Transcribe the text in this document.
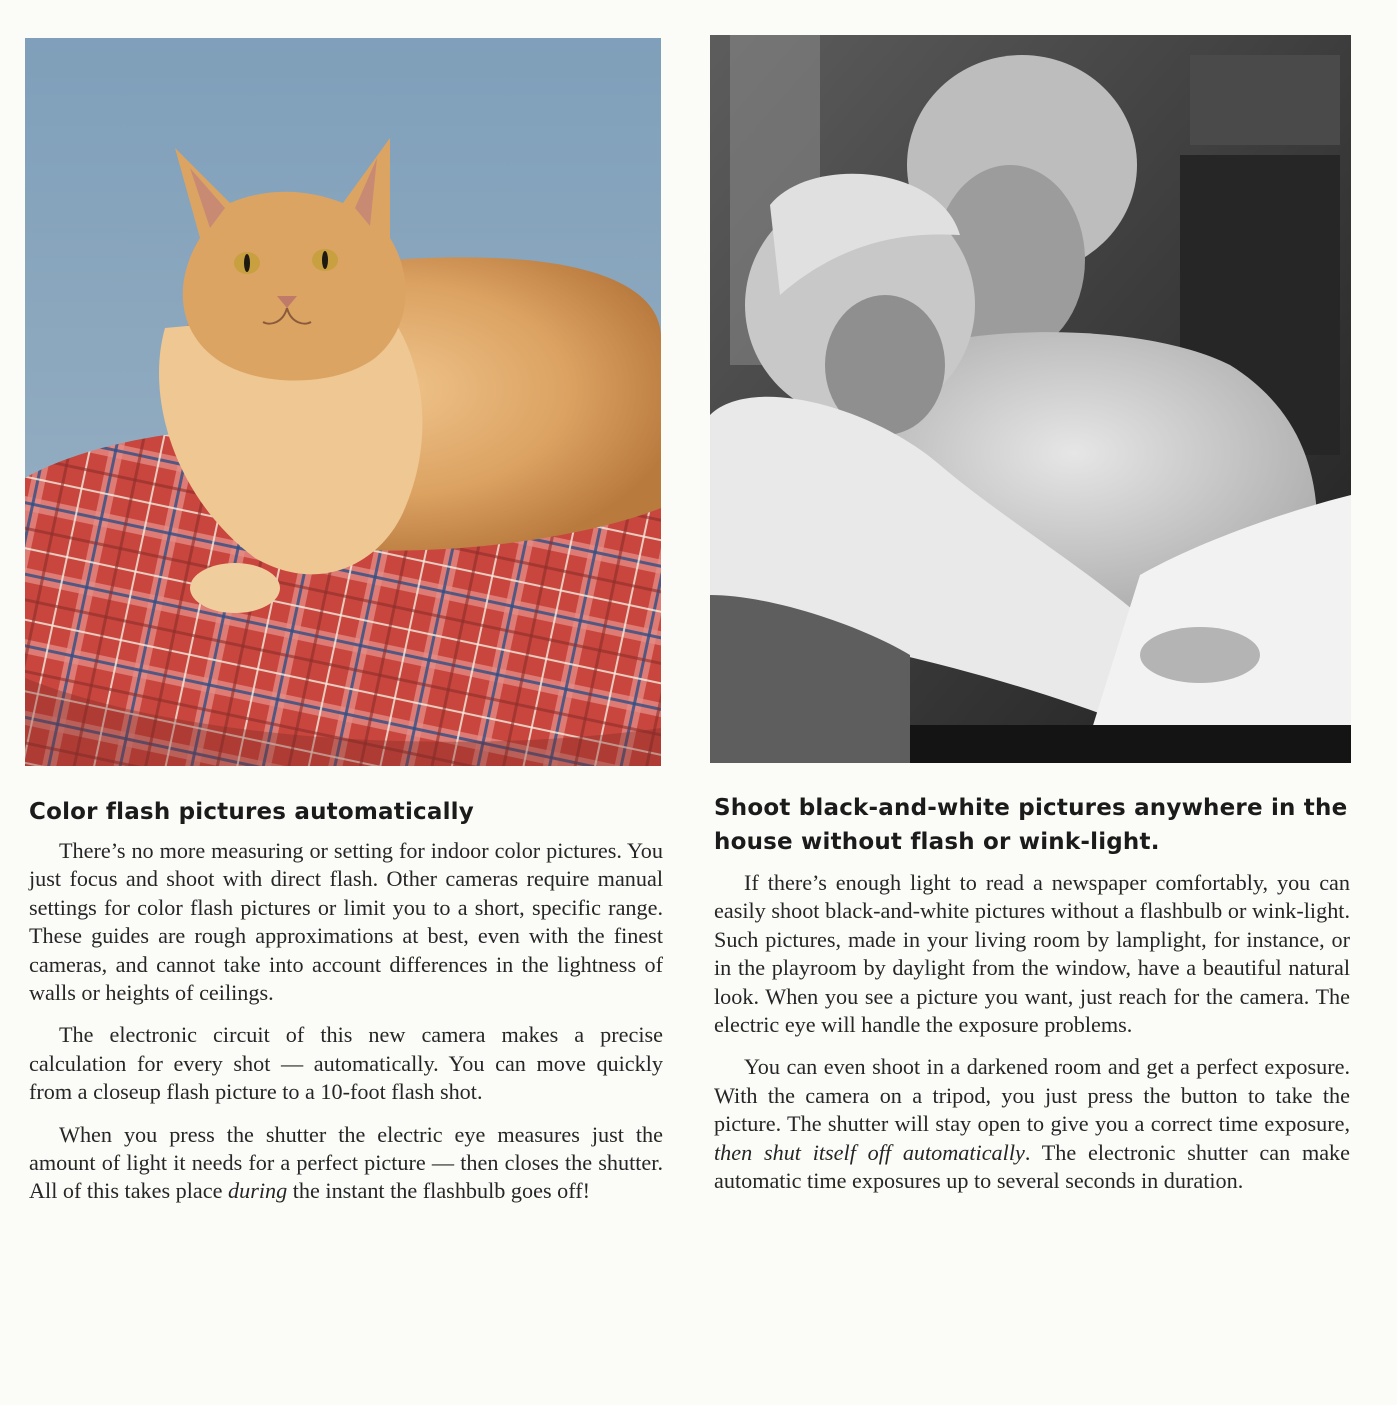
Color flash pictures automatically

There’s no more measuring or setting for indoor color pictures. You just focus and shoot with direct flash. Other cameras require manual settings for color flash pictures or limit you to a short, specific range. These guides are rough approximations at best, even with the finest cameras, and cannot take into account differences in the lightness of walls or heights of ceilings.

The electronic circuit of this new camera makes a precise calculation for every shot — automatically. You can move quickly from a closeup flash picture to a 10-foot flash shot.

When you press the shutter the electric eye measures just the amount of light it needs for a perfect picture — then closes the shutter. All of this takes place during the instant the flashbulb goes off!

Shoot black-and-white pictures anywhere in the house without flash or wink-light.

If there’s enough light to read a newspaper comfortably, you can easily shoot black-and-white pictures without a flashbulb or wink-light. Such pictures, made in your living room by lamplight, for instance, or in the playroom by daylight from the window, have a beautiful natural look. When you see a picture you want, just reach for the camera. The electric eye will handle the exposure problems.

You can even shoot in a darkened room and get a perfect exposure. With the camera on a tripod, you just press the button to take the picture. The shutter will stay open to give you a correct time exposure, then shut itself off automatically. The electronic shutter can make automatic time exposures up to several seconds in duration.
